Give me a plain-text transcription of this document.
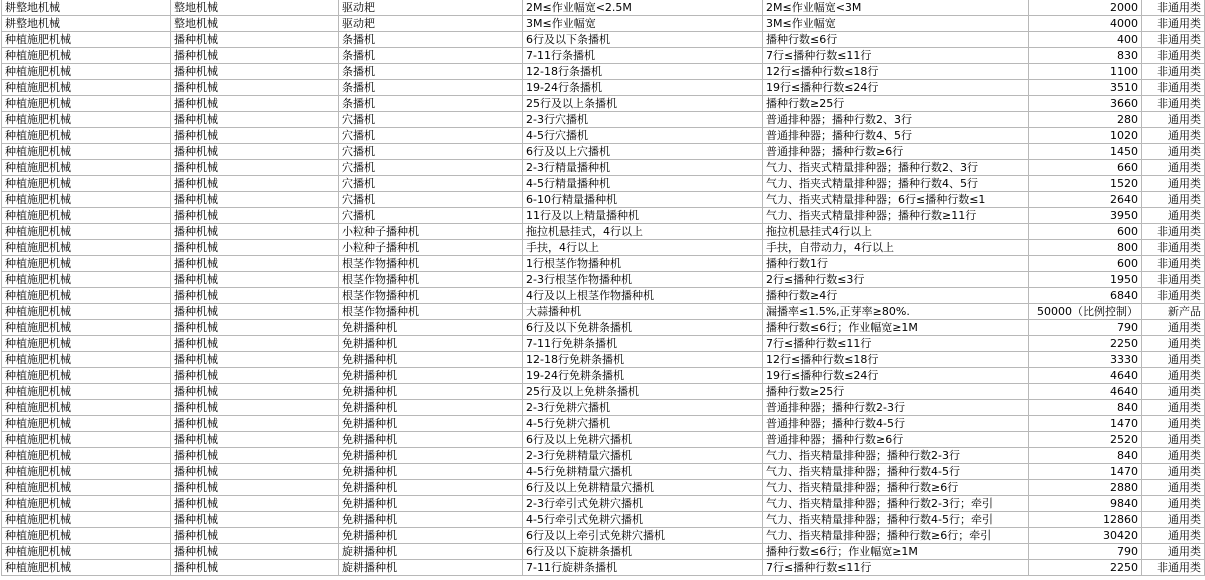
耕整地机械	整地机械	驱动耙	2M≤作业幅宽<2.5M	2M≤作业幅宽<3M	2000	非通用类
耕整地机械	整地机械	驱动耙	3M≤作业幅宽	3M≤作业幅宽	4000	非通用类
种植施肥机械	播种机械	条播机	6行及以下条播机	播种行数≤6行	400	非通用类
种植施肥机械	播种机械	条播机	7-11行条播机	7行≤播种行数≤11行	830	非通用类
种植施肥机械	播种机械	条播机	12-18行条播机	12行≤播种行数≤18行	1100	非通用类
种植施肥机械	播种机械	条播机	19-24行条播机	19行≤播种行数≤24行	3510	非通用类
种植施肥机械	播种机械	条播机	25行及以上条播机	播种行数≥25行	3660	非通用类
种植施肥机械	播种机械	穴播机	2-3行穴播机	普通排种器；播种行数2、3行	280	通用类
种植施肥机械	播种机械	穴播机	4-5行穴播机	普通排种器；播种行数4、5行	1020	通用类
种植施肥机械	播种机械	穴播机	6行及以上穴播机	普通排种器；播种行数≥6行	1450	通用类
种植施肥机械	播种机械	穴播机	2-3行精量播种机	气力、指夹式精量排种器；播种行数2、3行	660	通用类
种植施肥机械	播种机械	穴播机	4-5行精量播种机	气力、指夹式精量排种器；播种行数4、5行	1520	通用类
种植施肥机械	播种机械	穴播机	6-10行精量播种机	气力、指夹式精量排种器；6行≤播种行数≤1	2640	通用类
种植施肥机械	播种机械	穴播机	11行及以上精量播种机	气力、指夹式精量排种器；播种行数≥11行	3950	通用类
种植施肥机械	播种机械	小粒种子播种机	拖拉机悬挂式，4行以上	拖拉机悬挂式4行以上	600	非通用类
种植施肥机械	播种机械	小粒种子播种机	手扶，4行以上	手扶，自带动力，4行以上	800	非通用类
种植施肥机械	播种机械	根茎作物播种机	1行根茎作物播种机	播种行数1行	600	非通用类
种植施肥机械	播种机械	根茎作物播种机	2-3行根茎作物播种机	2行≤播种行数≤3行	1950	非通用类
种植施肥机械	播种机械	根茎作物播种机	4行及以上根茎作物播种机	播种行数≥4行	6840	非通用类
种植施肥机械	播种机械	根茎作物播种机	大蒜播种机	漏播率≤1.5%,正芽率≥80%.	50000（比例控制）	新产品
种植施肥机械	播种机械	免耕播种机	6行及以下免耕条播机	播种行数≤6行；作业幅宽≥1M	790	通用类
种植施肥机械	播种机械	免耕播种机	7-11行免耕条播机	7行≤播种行数≤11行	2250	通用类
种植施肥机械	播种机械	免耕播种机	12-18行免耕条播机	12行≤播种行数≤18行	3330	通用类
种植施肥机械	播种机械	免耕播种机	19-24行免耕条播机	19行≤播种行数≤24行	4640	通用类
种植施肥机械	播种机械	免耕播种机	25行及以上免耕条播机	播种行数≥25行	4640	通用类
种植施肥机械	播种机械	免耕播种机	2-3行免耕穴播机	普通排种器；播种行数2-3行	840	通用类
种植施肥机械	播种机械	免耕播种机	4-5行免耕穴播机	普通排种器；播种行数4-5行	1470	通用类
种植施肥机械	播种机械	免耕播种机	6行及以上免耕穴播机	普通排种器；播种行数≥6行	2520	通用类
种植施肥机械	播种机械	免耕播种机	2-3行免耕精量穴播机	气力、指夹精量排种器；播种行数2-3行	840	通用类
种植施肥机械	播种机械	免耕播种机	4-5行免耕精量穴播机	气力、指夹精量排种器；播种行数4-5行	1470	通用类
种植施肥机械	播种机械	免耕播种机	6行及以上免耕精量穴播机	气力、指夹精量排种器；播种行数≥6行	2880	通用类
种植施肥机械	播种机械	免耕播种机	2-3行牵引式免耕穴播机	气力、指夹精量排种器；播种行数2-3行；牵引	9840	通用类
种植施肥机械	播种机械	免耕播种机	4-5行牵引式免耕穴播机	气力、指夹精量排种器；播种行数4-5行；牵引	12860	通用类
种植施肥机械	播种机械	免耕播种机	6行及以上牵引式免耕穴播机	气力、指夹精量排种器；播种行数≥6行；牵引	30420	通用类
种植施肥机械	播种机械	旋耕播种机	6行及以下旋耕条播机	播种行数≤6行；作业幅宽≥1M	790	通用类
种植施肥机械	播种机械	旋耕播种机	7-11行旋耕条播机	7行≤播种行数≤11行	2250	非通用类
